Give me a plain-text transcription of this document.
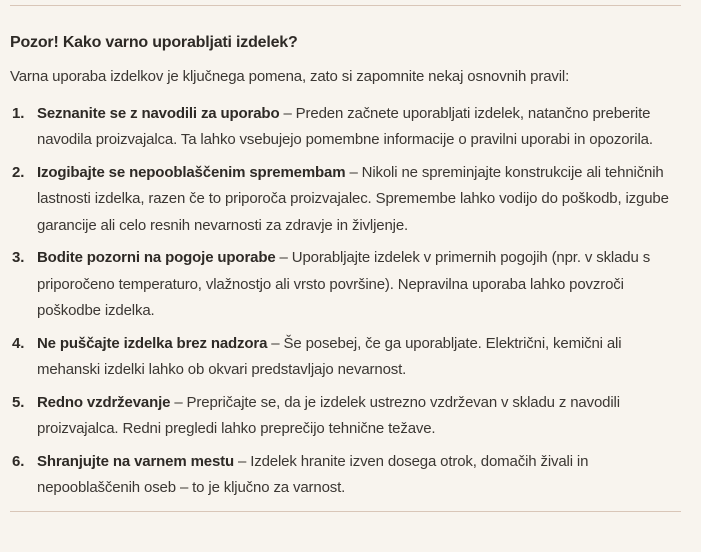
Pozor! Kako varno uporabljati izdelek?

Varna uporaba izdelkov je ključnega pomena, zato si zapomnite nekaj osnovnih pravil:

1. Seznanite se z navodili za uporabo – Preden začnete uporabljati izdelek, natančno preberite navodila proizvajalca. Ta lahko vsebujejo pomembne informacije o pravilni uporabi in opozorila.
2. Izogibajte se nepooblaščenim spremembam – Nikoli ne spreminjajte konstrukcije ali tehničnih lastnosti izdelka, razen če to priporoča proizvajalec. Spremembe lahko vodijo do poškodb, izgube garancije ali celo resnih nevarnosti za zdravje in življenje.
3. Bodite pozorni na pogoje uporabe – Uporabljajte izdelek v primernih pogojih (npr. v skladu s priporočeno temperaturo, vlažnostjo ali vrsto površine). Nepravilna uporaba lahko povzroči poškodbe izdelka.
4. Ne puščajte izdelka brez nadzora – Še posebej, če ga uporabljate. Električni, kemični ali mehanski izdelki lahko ob okvari predstavljajo nevarnost.
5. Redno vzdrževanje – Prepričajte se, da je izdelek ustrezno vzdrževan v skladu z navodili proizvajalca. Redni pregledi lahko preprečijo tehnične težave.
6. Shranjujte na varnem mestu – Izdelek hranite izven dosega otrok, domačih živali in nepooblaščenih oseb – to je ključno za varnost.
